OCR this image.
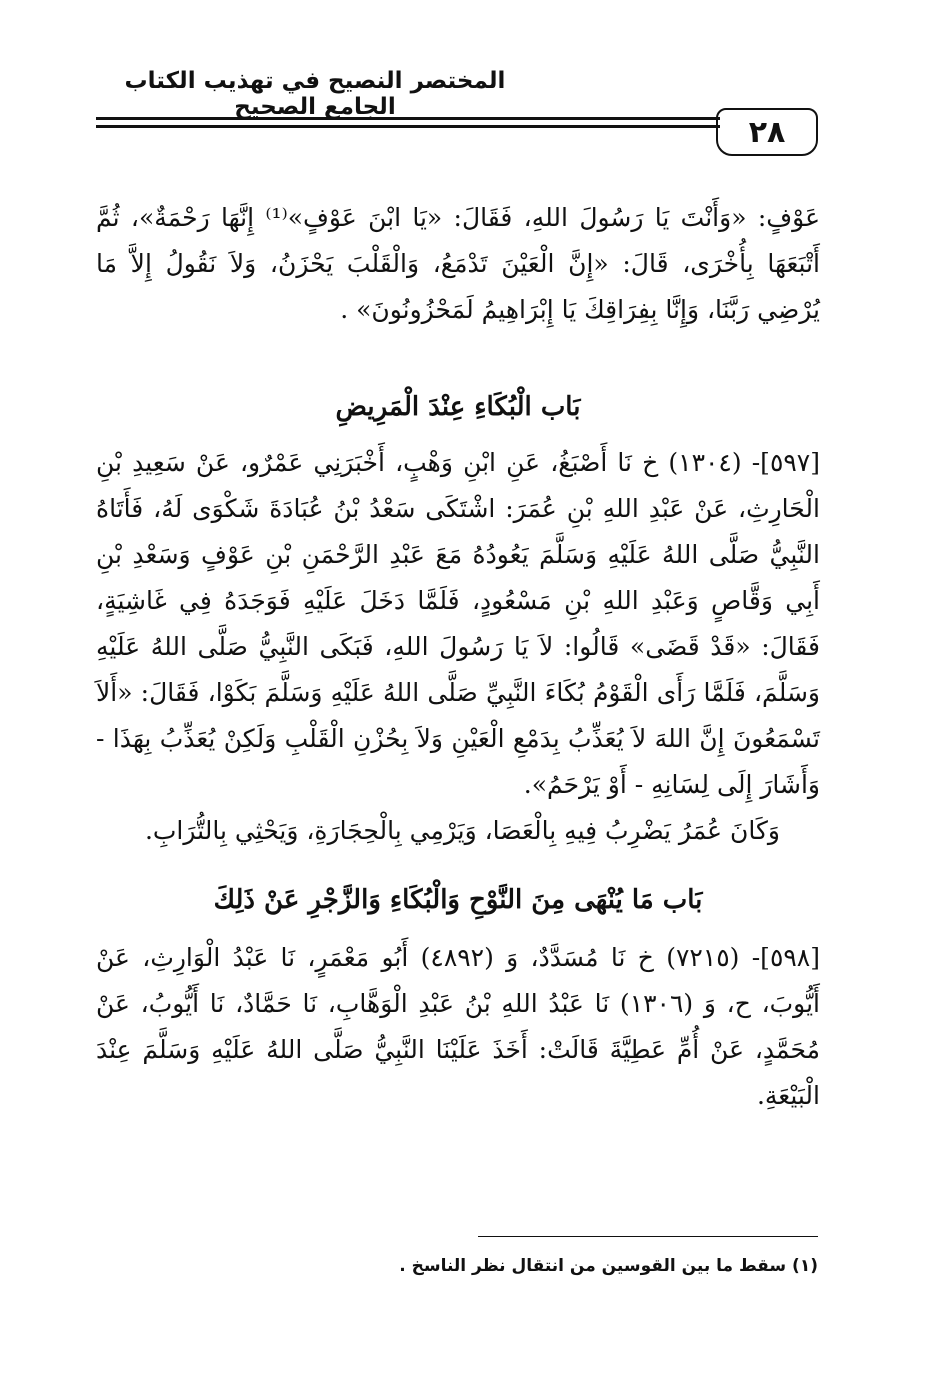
المختصر النصيح في تهذيب الكتاب الجامع الصحيح
٢٨
عَوْفٍ: «وَأَنْتَ يَا رَسُولَ اللهِ، فَقَالَ: «يَا ابْنَ عَوْفٍ»⁽¹⁾ إِنَّهَا رَحْمَةٌ»، ثُمَّ أَتْبَعَهَا بِأُخْرَى، قَالَ: «إِنَّ الْعَيْنَ تَدْمَعُ، وَالْقَلْبَ يَحْزَنُ، وَلاَ نَقُولُ إِلاَّ مَا يُرْضِي رَبَّنَا، وَإِنَّا بِفِرَاقِكَ يَا إِبْرَاهِيمُ لَمَحْزُونُونَ» .
بَاب الْبُكَاءِ عِنْدَ الْمَرِيضِ
[٥٩٧]- (١٣٠٤) خ نَا أَصْبَغُ، عَنِ ابْنِ وَهْبٍ، أَخْبَرَنِي عَمْرٌو، عَنْ سَعِيدِ بْنِ الْحَارِثِ، عَنْ عَبْدِ اللهِ بْنِ عُمَرَ: اشْتَكَى سَعْدُ بْنُ عُبَادَةَ شَكْوَى لَهُ، فَأَتَاهُ النَّبِيُّ صَلَّى اللهُ عَلَيْهِ وَسَلَّمَ يَعُودُهُ مَعَ عَبْدِ الرَّحْمَنِ بْنِ عَوْفٍ وَسَعْدِ بْنِ أَبِي وَقَّاصٍ وَعَبْدِ اللهِ بْنِ مَسْعُودٍ، فَلَمَّا دَخَلَ عَلَيْهِ فَوَجَدَهُ فِي غَاشِيَةٍ، فَقَالَ: «قَدْ قَضَى» قَالُوا: لاَ يَا رَسُولَ اللهِ، فَبَكَى النَّبِيُّ صَلَّى اللهُ عَلَيْهِ وَسَلَّمَ، فَلَمَّا رَأَى الْقَوْمُ بُكَاءَ النَّبِيِّ صَلَّى اللهُ عَلَيْهِ وَسَلَّمَ بَكَوْا، فَقَالَ: «أَلاَ تَسْمَعُونَ إِنَّ اللهَ لاَ يُعَذِّبُ بِدَمْعِ الْعَيْنِ وَلاَ بِحُزْنِ الْقَلْبِ وَلَكِنْ يُعَذِّبُ بِهَذَا - وَأَشَارَ إِلَى لِسَانِهِ - أَوْ يَرْحَمُ».
وَكَانَ عُمَرُ يَضْرِبُ فِيهِ بِالْعَصَا، وَيَرْمِي بِالْحِجَارَةِ، وَيَحْثِي بِالتُّرَابِ.
بَاب مَا يُنْهَى مِنَ النَّوْحِ وَالْبُكَاءِ وَالزَّجْرِ عَنْ ذَلِكَ
[٥٩٨]- (٧٢١٥) خ نَا مُسَدَّدٌ، وَ (٤٨٩٢) أَبُو مَعْمَرٍ، نَا عَبْدُ الْوَارِثِ، عَنْ أَيُّوبَ، ح، وَ (١٣٠٦) نَا عَبْدُ اللهِ بْنُ عَبْدِ الْوَهَّابِ، نَا حَمَّادٌ، نَا أَيُّوبُ، عَنْ مُحَمَّدٍ، عَنْ أُمِّ عَطِيَّةَ قَالَتْ: أَخَذَ عَلَيْنَا النَّبِيُّ صَلَّى اللهُ عَلَيْهِ وَسَلَّمَ عِنْدَ الْبَيْعَةِ.
(١) سقط ما بين القوسين من انتقال نظر الناسخ .
